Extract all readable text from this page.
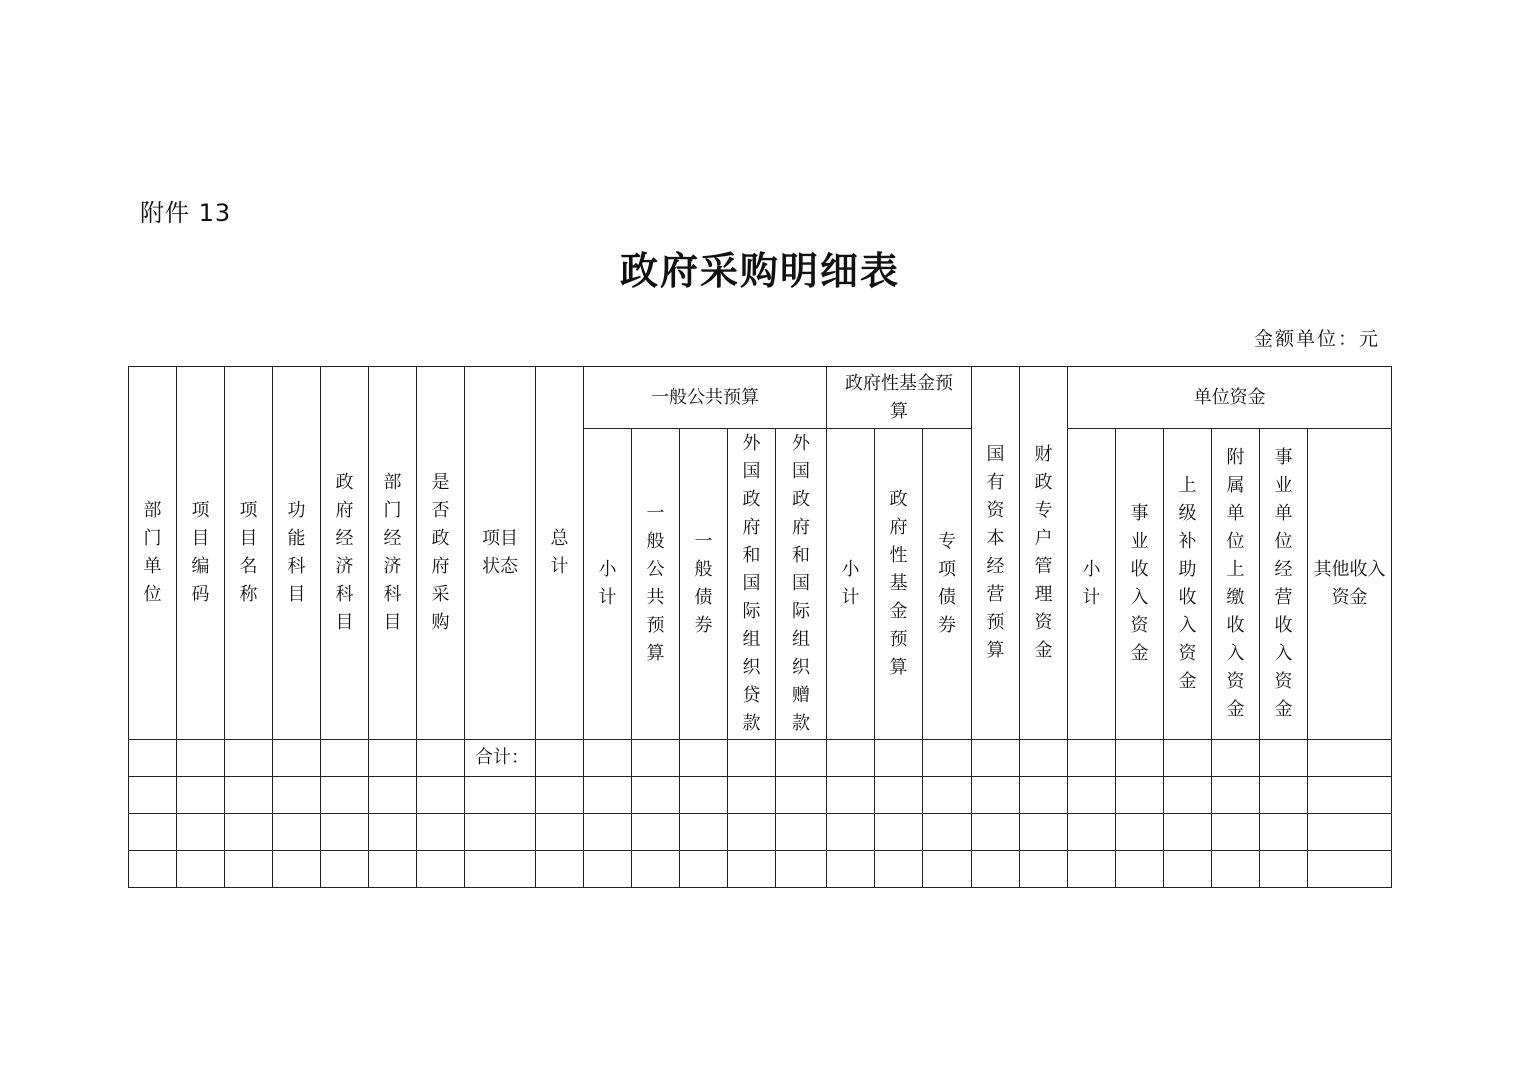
附件 13
政府采购明细表
金额单位：元
部门单位	项目编码	项目名称	功能科目	政府经济科目	部门经济科目	是否政府采购	项目状态	总计	一般公共预算					政府性基金预算			国有资本经营预算	财政专户管理资金	单位资金					
									小计	一般公共预算	一般债券	外国政府和国际组织贷款	外国政府和国际组织赠款	小计	政府性基金预算	专项债券			小计	事业收入资金	上级补助收入资金	附属单位上缴收入资金	事业单位经营收入资金	其他收入资金
							合计：																	
